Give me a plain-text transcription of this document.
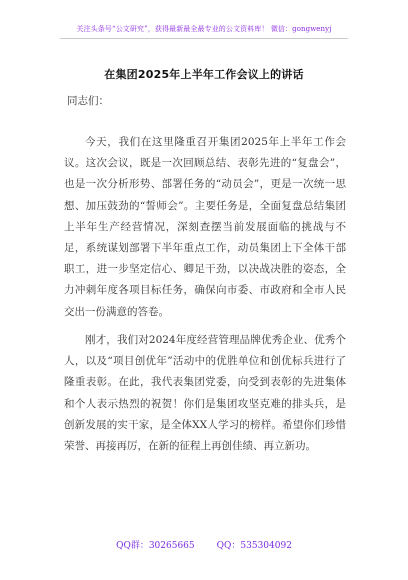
关注头条号“公文研究”，获得最新最全最专业的公文资料库！ 微信：gongwenyj
在集团2025年上半年工作会议上的讲话
同志们：

今天，我们在这里隆重召开集团2025年上半年工作会议。这次会议，既是一次回顾总结、表彰先进的“复盘会”，也是一次分析形势、部署任务的“动员会”，更是一次统一思想、加压鼓劲的“誓师会”。主要任务是，全面复盘总结集团上半年生产经营情况，深刻查摆当前发展面临的挑战与不足，系统谋划部署下半年重点工作，动员集团上下全体干部职工，进一步坚定信心、卿足干劲，以决战决胜的姿态，全力冲刺年度各项目标任务，确保向市委、市政府和全市人民交出一份满意的答卷。

刚才，我们对2024年度经营管理品牌优秀企业、优秀个人，以及“项目创优年”活动中的优胜单位和创优标兵进行了隆重表彰。在此，我代表集团党委，向受到表彰的先进集体和个人表示热烈的祝贺！你们是集团攻坚克难的排头兵，是创新发展的实干家，是全体XX人学习的榜样。希望你们珍惜荣誉、再接再厉，在新的征程上再创佳绩、再立新功。

QQ群：30265665 QQ：535304092
